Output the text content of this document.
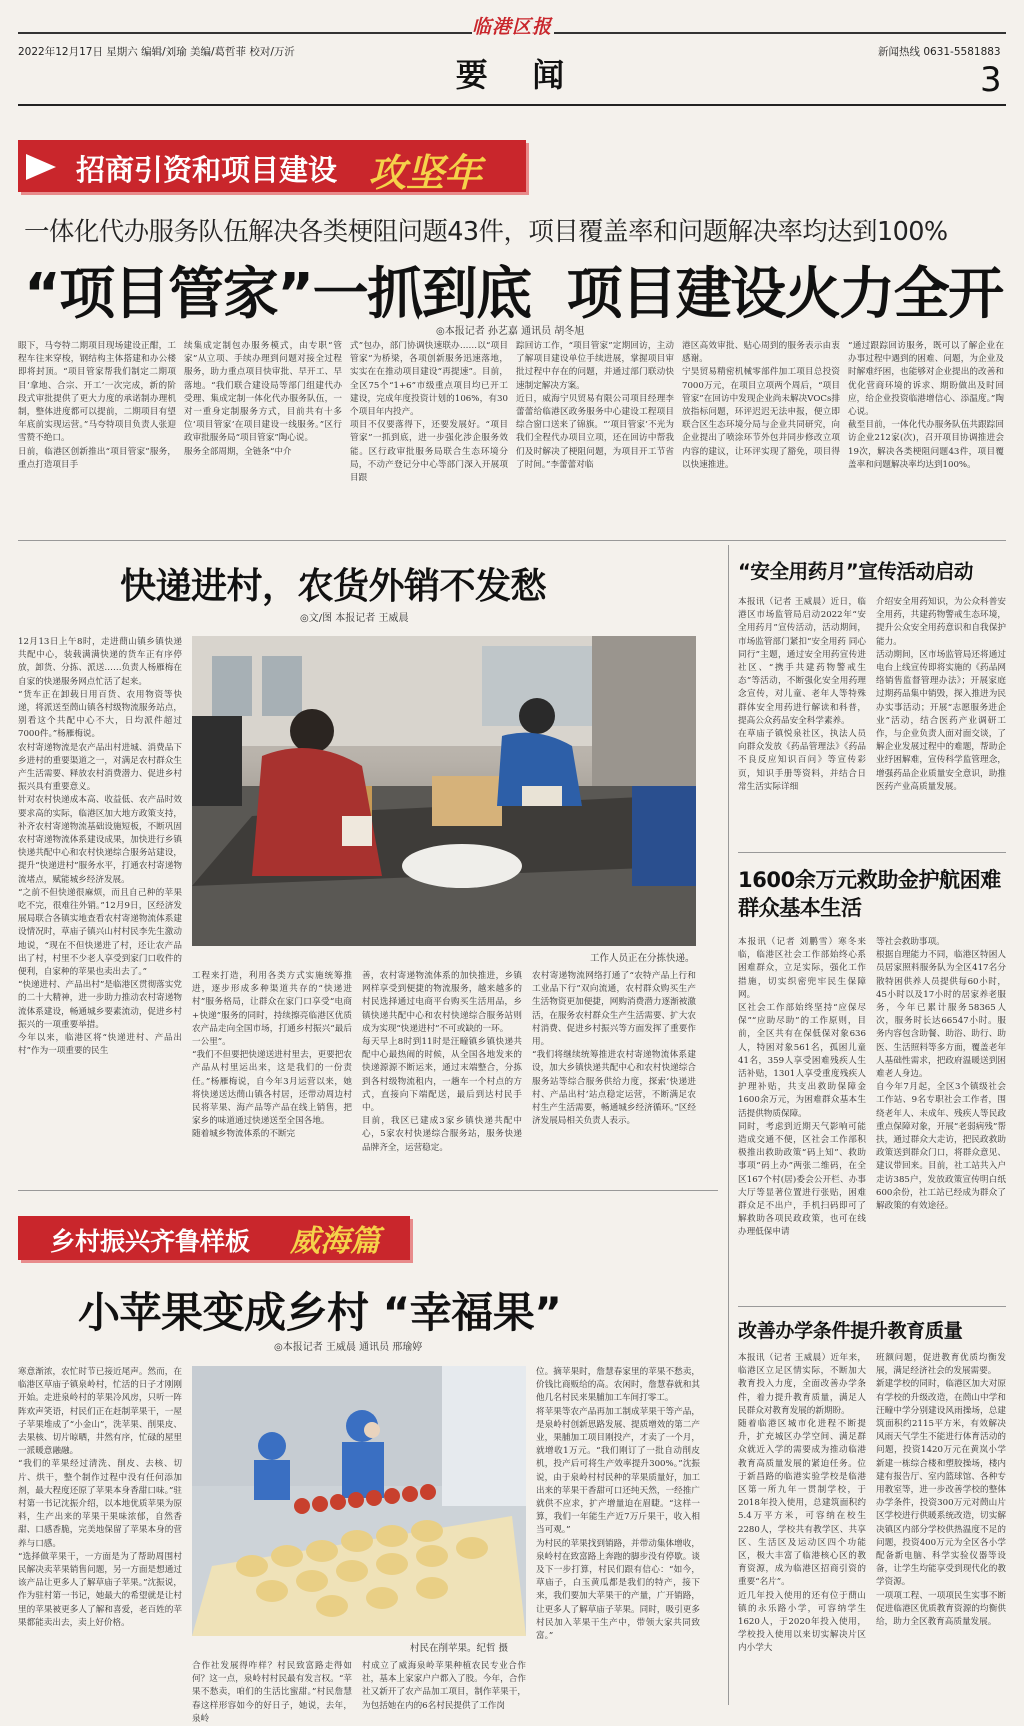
临港区报
2022年12月17日 星期六 编辑/刘瑜 美编/葛哲菲 校对/万沂
要    闻
新闻热线 0631-5581883
3
招商引资和项目建设 攻坚年
一体化代办服务队伍解决各类梗阻问题43件，项目覆盖率和问题解决率均达到100%
“项目管家”一抓到底  项目建设火力全开
◎本报记者 孙艺嘉 通讯员 胡冬旭
眼下，马夸特二期项目现场建设正酣，工程车往来穿梭，钢结构主体搭建和办公楼即将封顶。“项目管家帮我们制定二期项目‘拿地、合宗、开工’一次完成，新的阶段式审批提供了更大力度的承诺制办理机制，整体进度都可以提前，二期项目有望年底前实现运营。”马夸特项目负责人张迎雪赞不绝口。
日前，临港区创新推出“项目管家”服务，重点打造项目手
续集成定制包办服务模式，由专职“管家”从立项、手续办理到问题对接全过程服务，助力重点项目快审批、早开工、早落地。“我们联合建设局等部门组建代办受理、集成定制一体化代办服务队伍，一对一重身定制服务方式，目前共有十多位‘项目管家’在项目建设一线服务。”区行政审批服务局“项目管家”陶心说。
服务全部周期，全链条“中介
式”包办，部门协调快速联办……以“项目管家”为桥梁，各项创新服务迅速落地，实实在在推动项目建设“再提速”。目前，全区75个“1+6”市级重点项目均已开工建设，完成年度投资计划的106%，有30个项目年内投产。
项目不仅要落得下，还要发展好。“项目管家”一抓到底，进一步强化涉企服务效能。区行政审批服务局联合生态环境分局，不动产登记分中心等部门深入开展项目跟
踪回访工作，“项目管家”定期回访，主动了解项目建设单位手续进展，掌握项目审批过程中存在的问题，并通过部门联动快速制定解决方案。
近日，威海宁贝贸易有限公司项目经理李蕾蕾给临港区政务服务中心建设工程项目综合窗口送来了锦旗。“‘项目管家’不光为我们全程代办项目立项，还在回访中帮我们及时解决了梗阻问题，为项目开工节省了时间。”李蕾蕾对临
港区高效审批、贴心周到的服务表示由衷感谢。
宁昊贸易精密机械零部件加工项目总投资7000万元，在项目立项两个周后，“项目管家”在回访中发现企业尚未解决VOCs排放指标问题，环评迟迟无法申报，便立即联合区生态环境分局与企业共同研究，向企业提出了喷涂环节外包并同步修改立项内容的建议，让环评实现了豁免，项目得以快速推进。
“通过跟踪回访服务，既可以了解企业在办事过程中遇到的困难、问题，为企业及时解难纾困，也能够对企业提出的改善和优化营商环境的诉求、期盼做出及时回应，给企业投资临港增信心、添温度。”陶心说。
截至目前，一体化代办服务队伍共跟踪回访企业212家(次)，召开项目协调推进会19次，解决各类梗阻问题43件，项目覆盖率和问题解决率均达到100%。
快递进村，农货外销不发愁
◎文/图 本报记者 王威晨
12月13日上午8时，走进蔄山镇乡镇快递共配中心，装载满满快递的货车正有序停放，卸货、分拣、派送……负责人杨雁梅在自家的快递服务网点忙活了起来。
“货车正在卸载日用百货、农用物资等快递，将派送至蔄山镇各村级物流服务站点，别看这个共配中心不大，日均派件超过7000件。”杨雁梅说。
农村寄递物流是农产品出村进城、消费品下乡进村的重要渠道之一，对满足农村群众生产生活需要、释放农村消费潜力、促进乡村振兴具有重要意义。
针对农村快递成本高、收益低、农产品时效要求高的实际，临港区加大地方政策支持，补齐农村寄递物流基础设施短板，不断巩固农村寄递物流体系建设成果，加快进行乡镇快递共配中心和农村快递综合服务站建设，提升“快递进村”服务水平，打通农村寄递物流堵点，赋能城乡经济发展。
“之前不但快递很麻烦，而且自己种的苹果吃不完，很难往外销。”12月9日，区经济发展局联合各镇实地查看农村寄递物流体系建设情况时，草庙子镇兴山村村民李先生激动地说，“现在不但快递进了村，还让农产品出了村，村里不少老人享受到家门口收件的便利，自家种的苹果也卖出去了。”
“快递进村、产品出村”是临港区贯彻落实党的二十大精神，进一步助力推动农村寄递物流体系建设，畅通城乡要素流动，促进乡村振兴的一项重要举措。
今年以来，临港区将“快递进村、产品出村”作为一项重要的民生
工作人员正在分拣快递。
工程来打造，利用各类方式实施统筹推进，逐步形成多种渠道共存的“快递进村”服务格局，让群众在家门口享受“电商+快递”服务的同时，持续擦亮临港区优质农产品走向全国市场，打通乡村振兴“最后一公里”。
“我们不但要把快递送进村里去，更要把农产品从村里运出来，这是我们的一份责任。”杨雁梅说，自今年3月运营以来，她将快递送达蔄山镇各村居，还带动周边村民将苹果、海产品等产品在线上销售，把家乡的味道通过快递送至全国各地。
随着城乡物流体系的不断完
善，农村寄递物流体系的加快推进，乡镇网样享受到便捷的物流服务，越来越多的村民选择通过电商平台购买生活用品，乡镇快递共配中心和农村快递综合服务站则成为实现“快递进村”不可或缺的一环。
每天早上8时到11时是汪疃镇乡镇快递共配中心最热闹的时候，从全国各地发来的快递源源不断运来，通过末端整合，分拣到各村级物流租内，一趟车一个村点的方式，直接向下端配送，最后到达村民手中。
目前，我区已建成3家乡镇快递共配中心，5家农村快递综合服务站，服务快递品牌齐全，运营稳定。
农村寄递物流网络打通了“农特产品上行和工业品下行”双向流通，农村群众购买生产生活物资更加便捷，网购消费潜力逐渐被激活，在服务农村群众生产生活需要、扩大农村消费、促进乡村振兴等方面发挥了重要作用。
“我们将继续统筹推进农村寄递物流体系建设，加大乡镇快递共配中心和农村快递综合服务站等综合服务供给力度，探索‘快递进村、产品出村’站点稳定运营，不断满足农村生产生活需要，畅通城乡经济循环。”区经济发展局相关负责人表示。
“安全用药月”宣传活动启动
本报讯（记者 王威晨）近日，临港区市场监管局启动2022年“安全用药月”宣传活动，活动期间，市场监管部门紧扣“安全用药 同心同行”主题，通过安全用药宣传进社区、“携手共建药物警戒生态”等活动，不断强化安全用药理念宣传，对儿童、老年人等特殊群体安全用药进行解读和科普，提高公众药品安全科学素养。
在草庙子镇悦泉社区，执法人员向群众发放《药品管理法》《药品不良反应知识百问》等宣传彩页，知识手册等资料，并结合日常生活实际详细
介绍安全用药知识，为公众科普安全用药，共建药物警戒生态环境，提升公众安全用药意识和自我保护能力。
活动期间，区市场监管局还将通过电台上线宣传即将实施的《药品网络销售监督管理办法》；开展家庭过期药品集中销毁，探入推进为民办实事活动；开展“志愿服务进企业”活动，结合医药产业调研工作，与企业负责人面对面交谈，了解企业发展过程中的难题，帮助企业纾困解难，宣传科学监管理念，增强药品企业质量安全意识，助推医药产业高质量发展。
1600余万元救助金护航困难群众基本生活
本报讯（记者 刘鹏雪）寒冬来临，临港区社会工作部始终心系困难群众，立足实际，强化工作措施，切实织密兜牢民生保障网。
区社会工作部始终坚持“应保尽保”“应助尽助”的工作原则，目前，全区共有在保低保对象636人，特困对象561名，孤困儿童41名，359人享受困难残疾人生活补贴，1301人享受重度残疾人护理补贴，共支出救助保障金1600余万元，为困难群众基本生活提供物质保障。
同时，考虑到近期天气影响可能造成交通不便，区社会工作部积极推出救助政策“码上知”、救助事项“码上办”两张二维码，在全区167个村(居)委会公开栏、办事大厅等显著位置进行张贴，困难群众足不出户，手机扫码即可了解救助各项民政政策，也可在线办理低保申请
等社会救助事项。
根据自理能力不同，临港区特困人员居家照料服务队为全区417名分散特困供养人员提供每60小时，45小时以及17小时的居家养老服务，今年已累计服务58365人次，服务时长达66547小时。服务内容包含助餐、助浴、助行、助医、生活照料等多方面，覆盖老年人基础性需求，把政府温暖送到困难老人身边。
自今年7月起，全区3个镇级社会工作站、9名专职社会工作者，围绕老年人、未成年、残疾人等民政重点保障对象，开展“老弱病残”帮扶，通过群众大走访，把民政救助政策送到群众门口，将群众意见、建议带回来。目前，社工站共入户走访385户，发放政策宣传明白纸600余份，社工站已经成为群众了解政策的有效途径。
乡村振兴齐鲁样板 威海篇
小苹果变成乡村 “幸福果”
◎本报记者 王威晨 通讯员 邢瑜婷
寒意渐浓，农忙时节已接近尾声。然而，在临港区草庙子镇泉岭村，忙活的日子才刚刚开始。走进泉岭村的苹果冷风房，只听一阵阵欢声笑语，村民们正在赶制苹果干，一屋子苹果堆成了“小金山”，洗苹果、削果皮、去果核、切片晾晒，井然有序，忙碌的屋里一派暖意融融。
“我们的苹果经过清洗、削皮、去核、切片、烘干，整个制作过程中没有任何添加剂，最大程度还原了苹果本身香甜口味。”驻村第一书记沈振介绍，以本地优质苹果为原料，生产出来的苹果干果味浓郁，自然香甜、口感香脆，完美地保留了苹果本身的营养与口感。
“选择做苹果干，一方面是为了帮助周围村民解决卖苹果销售问题，另一方面是想通过该产品让更多人了解草庙子苹果。”沈振说，作为驻村第一书记，她最大的希望就是让村里的苹果被更多人了解和喜爱，老百姓的苹果都能卖出去，卖上好价格。
村民在削苹果。纪哲 摄
合作社发展得咋样？村民致富路走得如何？这一点，泉岭村村民最有发言权。“苹果不愁卖，咱们的生活比蜜甜。”村民詹慧春这样形容如今的好日子，她说，去年，泉岭
村成立了威海泉岭苹果种植农民专业合作社，基本上家家户户都入了股。今年，合作社又新开了农产品加工项目，制作苹果干，为包括她在内的6名村民提供了工作岗
位。摘苹果时，詹慧春家里的苹果不愁卖，价钱比商贩给的高。农闲时，詹慧春就和其他几名村民来果脯加工车间打零工。
将苹果等农产品再加工制成苹果干等产品，是泉岭村创新思路发展、提质增效的第二产业，果脯加工项目刚投产，才卖了一个月，就增收1万元。“我们刚订了一批自动削皮机，投产后可将生产效率提升300%。”沈振说，由于泉岭村村民种的苹果质量好，加工出来的苹果干香甜可口还纯天然，一经推广就供不应求，扩产增量迫在眉睫。“这样一算，我们一年能生产近7万斤果干，收入相当可观。”
为村民的苹果找到销路，并带动集体增收，泉岭村在致富路上奔跑的脚步没有停歇。谈及下一步打算，村民们跟有信心：“如今，草庙子，白玉黄瓜都是我们的特产，接下来，我们要加大苹果干的产量，广开销路，让更多人了解草庙子苹果。同时，吸引更多村民加入苹果干生产中，带领大家共同致富。”
改善办学条件提升教育质量
本报讯（记者 王威晨）近年来，临港区立足区情实际，不断加大教育投入力度，全面改善办学条件，着力提升教育质量，满足人民群众对教育发展的新期盼。
随着临港区城市化进程不断提升，扩充城区办学空间、满足群众就近入学的需要成为推动临港教育高质量发展的紧迫任务。位于新昌路的临港实验学校是临港区第一所九年一贯制学校，于2018年投入使用，总建筑面积约5.4万平方米，可容纳在校生2280人，学校共有教学区、共享区、生活区及运动区四个功能区，极大丰富了临港核心区的教育资源，成为临港区招商引资的重要“名片”。
近几年投入使用的还有位于蔄山镇的永乐路小学，可容纳学生1620人，于2020年投入使用，学校投入使用以来切实解决片区内小学大
班额问题，促进教育优质均衡发展，满足经济社会的发展需要。
新建学校的同时，临港区加大对原有学校的升级改造，在蔄山中学和汪疃中学分别建设风雨操场，总建筑面积约2115平方米，有效解决风雨天气学生不能进行体育活动的问题，投资1420万元在黄岚小学新建一栋综合楼和塑胶操场，楼内建有报告厅、室内篮球馆、各种专用教室等，进一步改善学校的整体办学条件，投资300万元对蔄山片区学校进行供暖系统改造，切实解决镇区内部分学校供热温度不足的问题，投资400万元为全区各小学配备新电脑、科学实验仪器等设备，让学生均能享受到现代化的教学资源。
一项项工程、一项项民生实事不断促进临港区优质教育资源的均衡供给，助力全区教育高质量发展。
